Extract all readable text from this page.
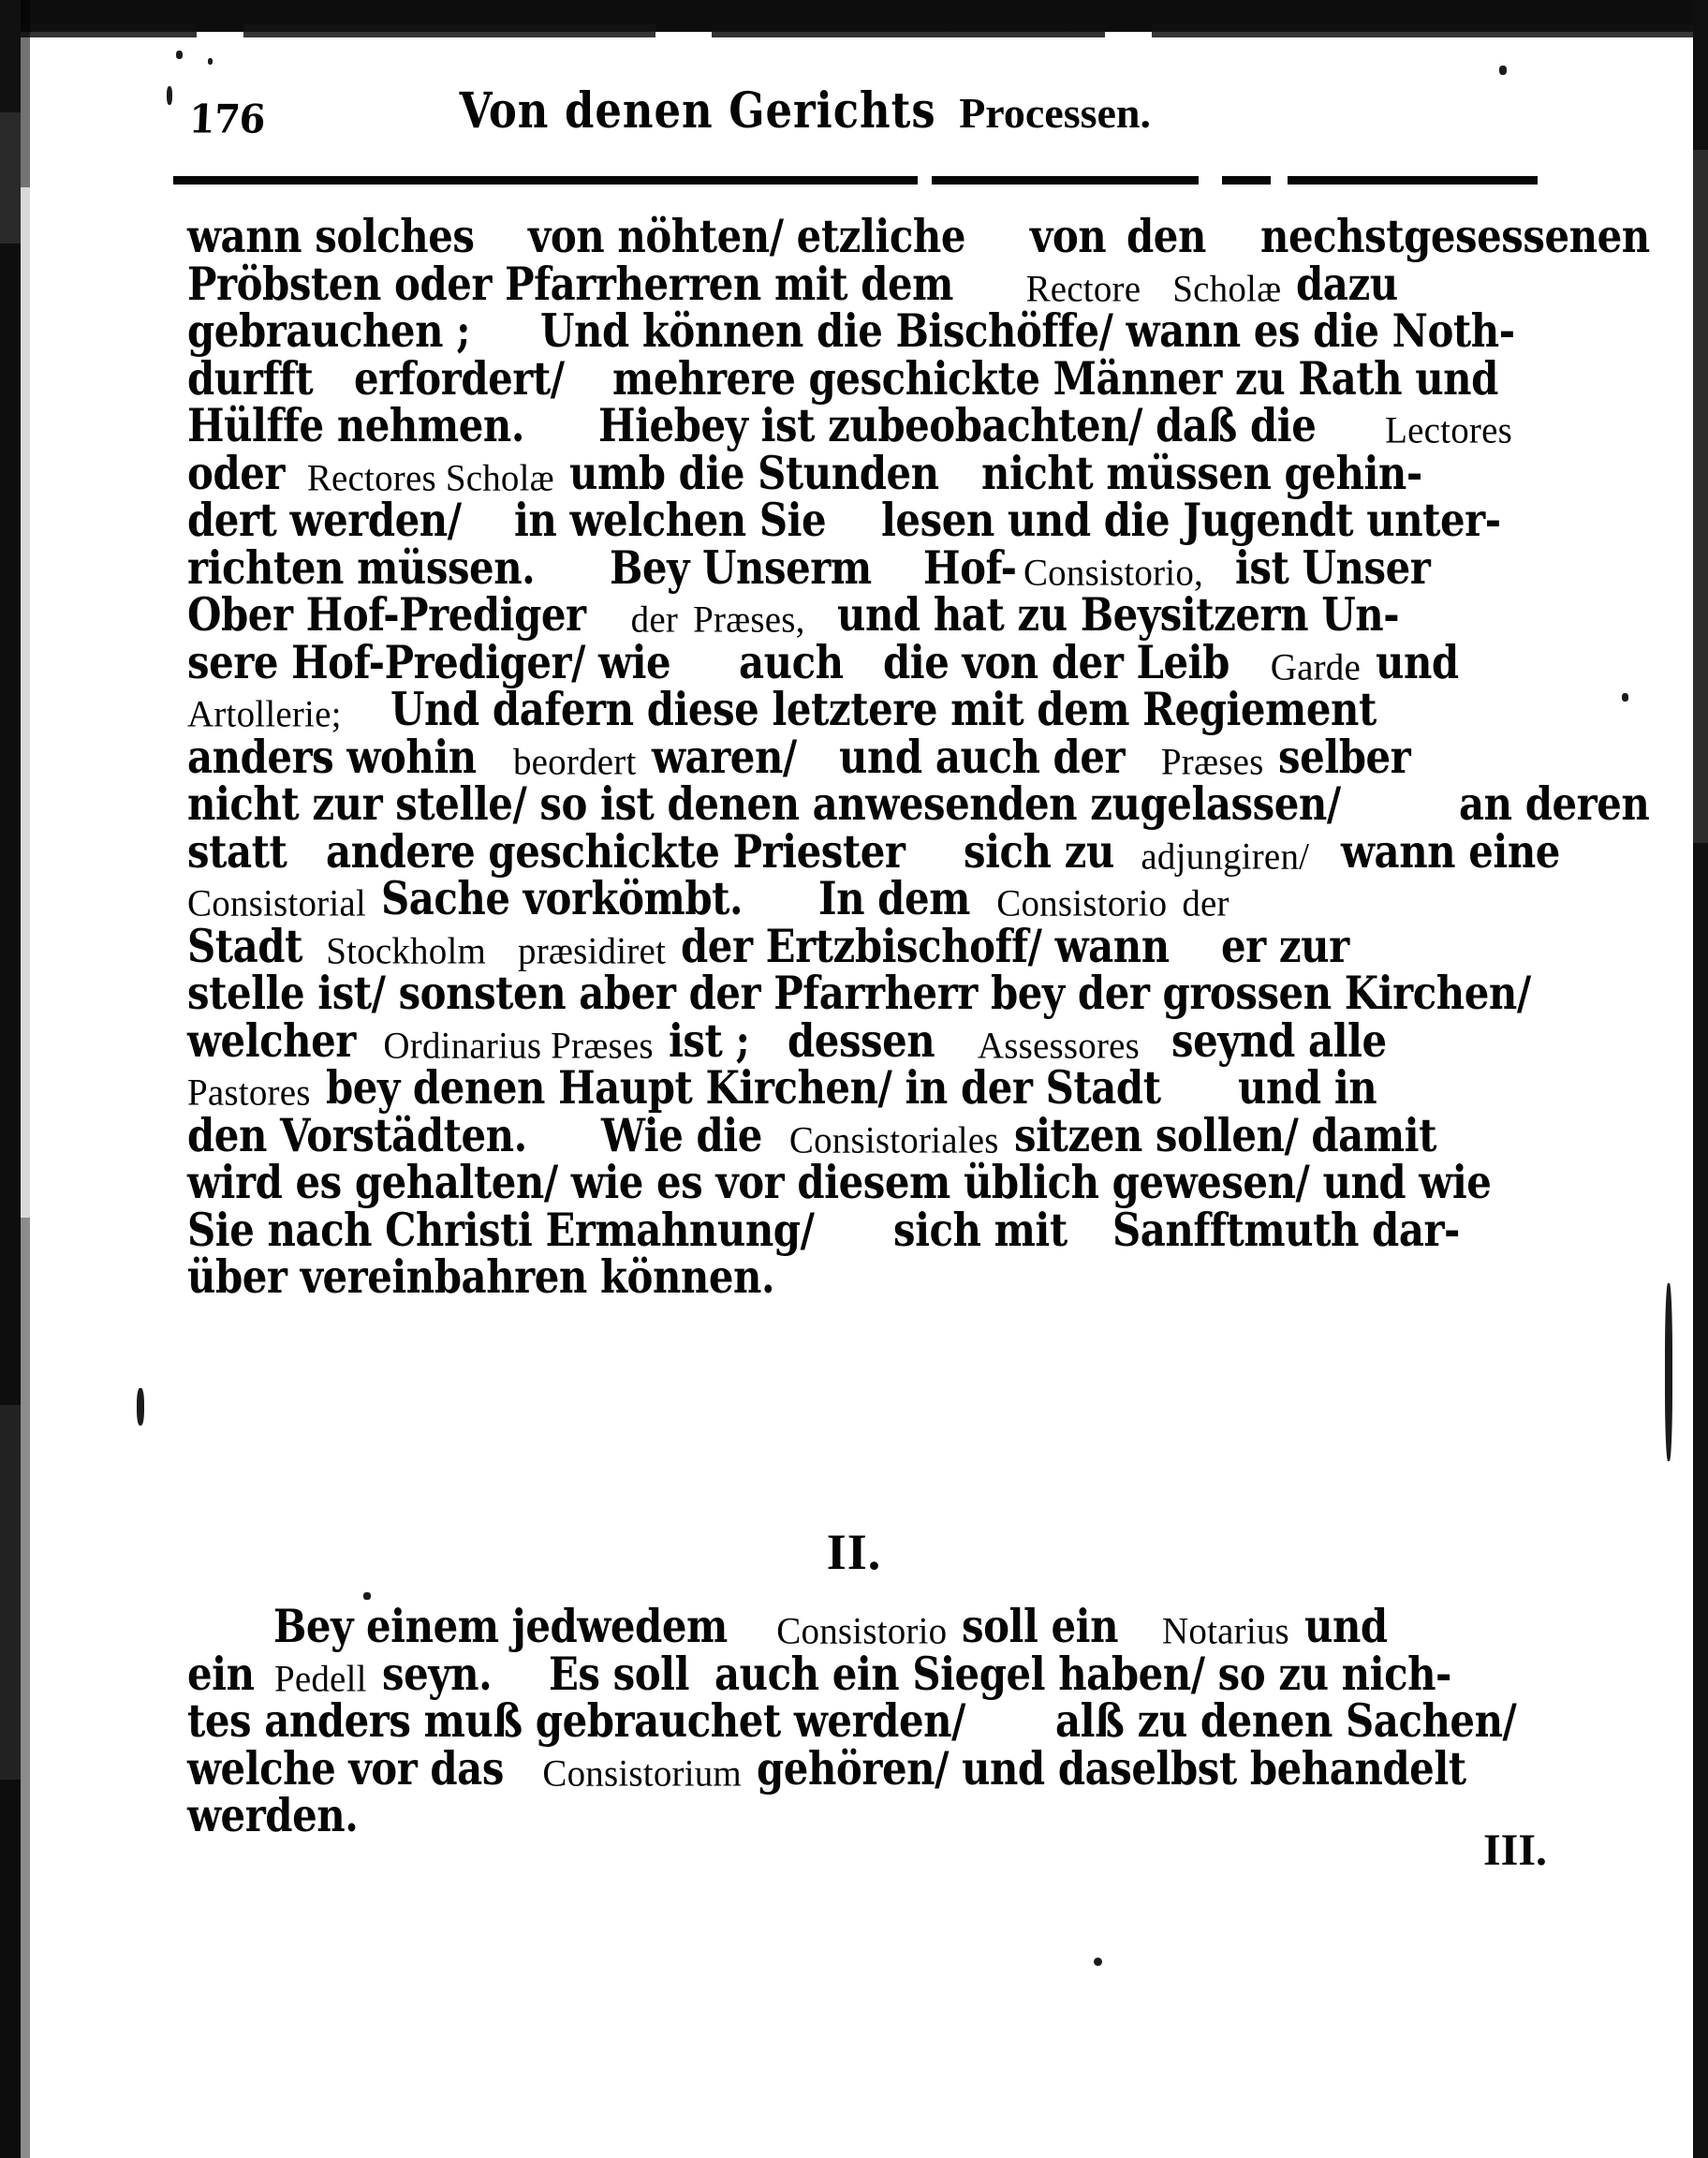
176	Von denen Gerichts Processen.
wann solches von nöhten/ etzliche von den nechstgesessenen
Pröbsten oder Pfarrherren mit dem Rectore Scholæ dazu
gebrauchen ; Und können die Bischöffe/ wann es die Noth-
durfft erfordert/ mehrere geschickte Männer zu Rath und
Hülffe nehmen. Hiebey ist zubeobachten/ daß die Lectores
oder Rectores Scholæ umb die Stunden nicht müssen gehin-
dert werden/ in welchen Sie lesen und die Jugendt unter-
richten müssen. Bey Unserm Hof- Consistorio, ist Unser
Ober Hof-Prediger der Præses, und hat zu Beysitzern Un-
sere Hof-Prediger/ wie auch die von der Leib Garde und
Artollerie; Und dafern diese letztere mit dem Regiement
anders wohin beordert waren/ und auch der Præses selber
nicht zur stelle/ so ist denen anwesenden zugelassen/	an deren
statt andere geschickte Priester sich zu adjungiren/ wann eine
Consistorial Sache vorkömbt. In dem Consistorio der
Stadt Stockholm præsidiret der Ertzbischoff/ wann er zur
stelle ist/ sonsten aber der Pfarrherr bey der grossen Kirchen/
welcher Ordinarius Præses ist ; dessen Assessores seynd alle
Pastores bey denen Haupt Kirchen/ in der Stadt und in
den Vorstädten. Wie die Consistoriales sitzen sollen/ damit
wird es gehalten/ wie es vor diesem üblich gewesen/ und wie
Sie nach Christi Ermahnung/ sich mit Sanfftmuth dar-
über vereinbahren können.
II.
Bey einem jedwedem Consistorio soll ein Notarius und
ein Pedell seyn. Es soll auch ein Siegel haben/ so zu nich-
tes anders muß gebrauchet werden/ alß zu denen Sachen/
welche vor das Consistorium gehören/ und daselbst behandelt
werden.
III.
